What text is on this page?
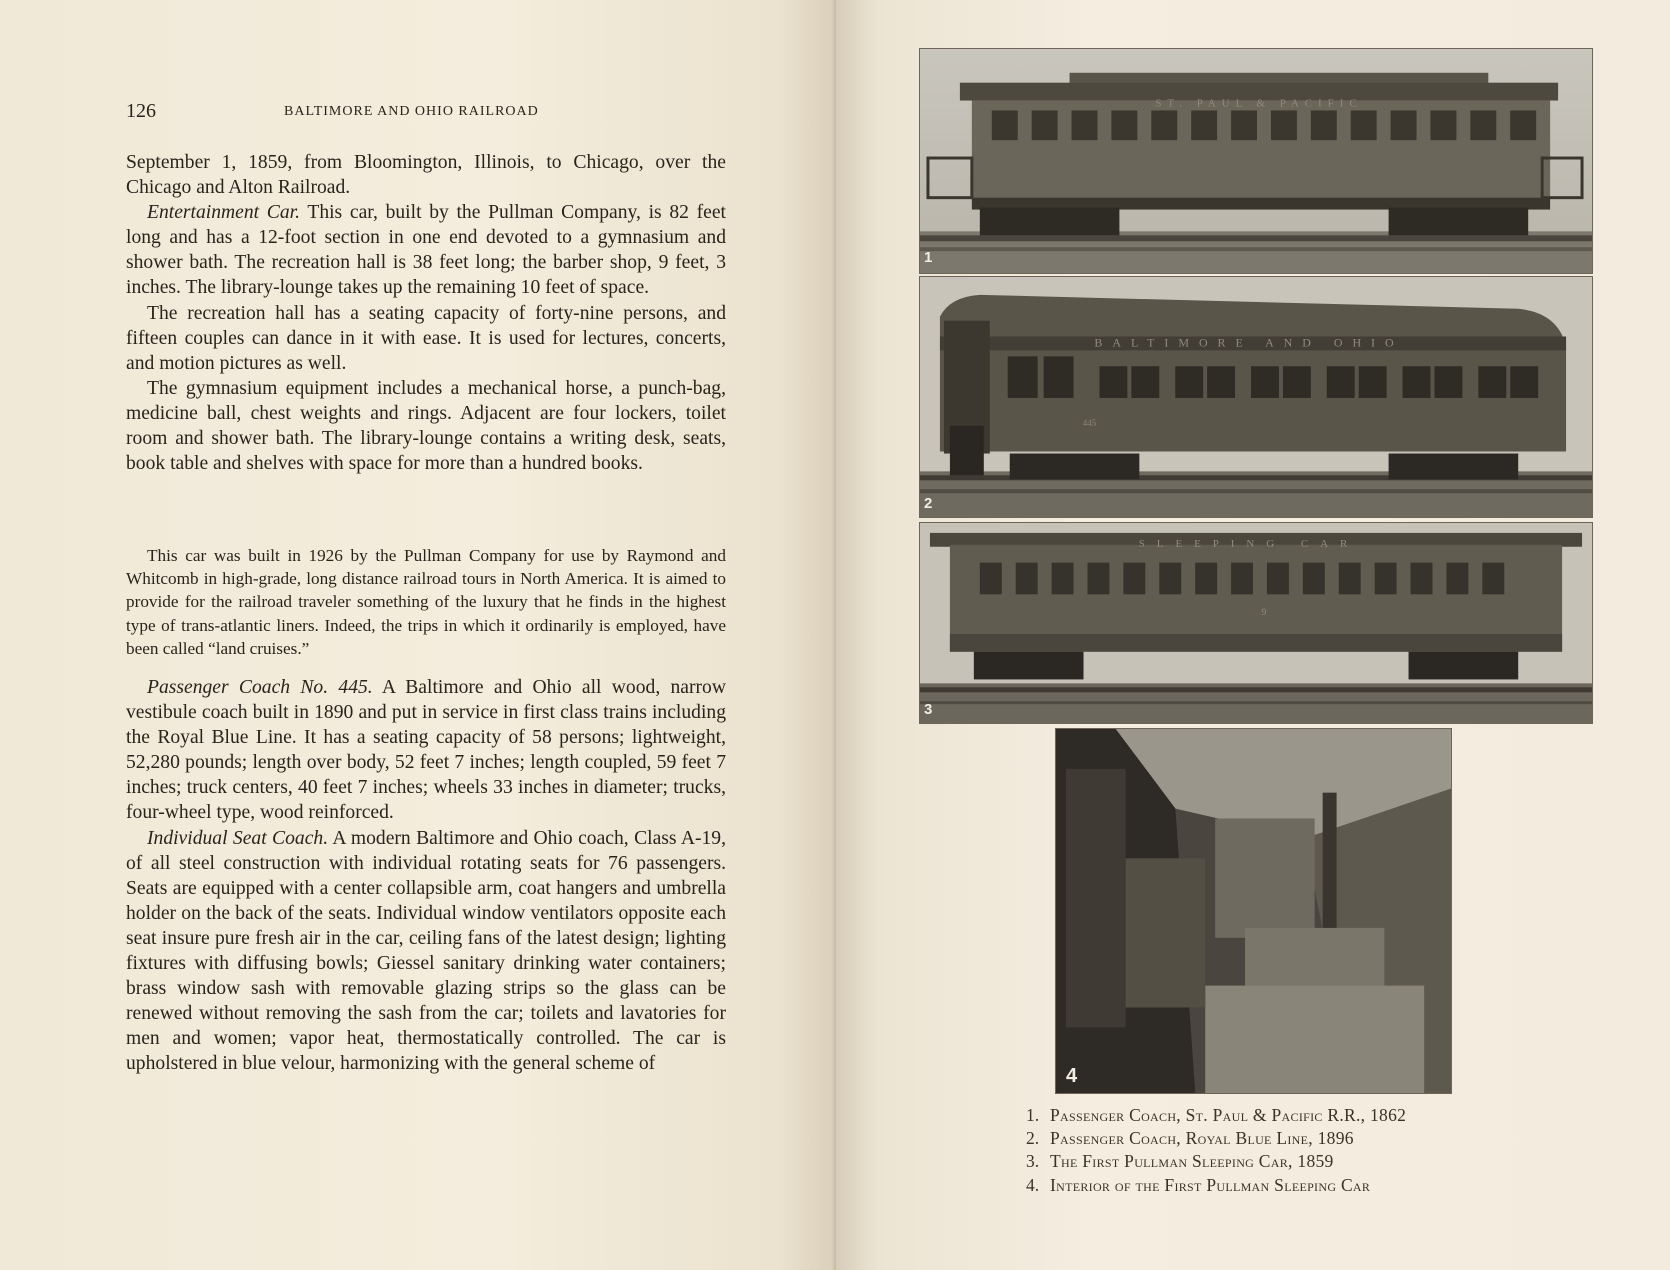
126	BALTIMORE AND OHIO RAILROAD

September 1, 1859, from Bloomington, Illinois, to Chicago, over the Chicago and Alton Railroad.

Entertainment Car. This car, built by the Pullman Company, is 82 feet long and has a 12-foot section in one end devoted to a gymnasium and shower bath. The recreation hall is 38 feet long; the barber shop, 9 feet, 3 inches. The library-lounge takes up the remaining 10 feet of space.

The recreation hall has a seating capacity of forty-nine persons, and fifteen couples can dance in it with ease. It is used for lectures, concerts, and motion pictures as well.

The gymnasium equipment includes a mechanical horse, a punch-bag, medicine ball, chest weights and rings. Adjacent are four lockers, toilet room and shower bath. The library-lounge contains a writing desk, seats, book table and shelves with space for more than a hundred books.

This car was built in 1926 by the Pullman Company for use by Raymond and Whitcomb in high-grade, long distance railroad tours in North America. It is aimed to provide for the railroad traveler something of the luxury that he finds in the highest type of trans-atlantic liners. Indeed, the trips in which it ordinarily is employed, have been called “land cruises.”

Passenger Coach No. 445. A Baltimore and Ohio all wood, narrow vestibule coach built in 1890 and put in service in first class trains including the Royal Blue Line. It has a seating capacity of 58 persons; lightweight, 52,280 pounds; length over body, 52 feet 7 inches; length coupled, 59 feet 7 inches; truck centers, 40 feet 7 inches; wheels 33 inches in diameter; trucks, four-wheel type, wood reinforced.

Individual Seat Coach. A modern Baltimore and Ohio coach, Class A-19, of all steel construction with individual rotating seats for 76 passengers. Seats are equipped with a center collapsible arm, coat hangers and umbrella holder on the back of the seats. Individual window ventilators opposite each seat insure pure fresh air in the car, ceiling fans of the latest design; lighting fixtures with diffusing bowls; Giessel sanitary drinking water containers; brass window sash with removable glazing strips so the glass can be renewed without removing the sash from the car; toilets and lavatories for men and women; vapor heat, thermostatically controlled. The car is upholstered in blue velour, harmonizing with the general scheme of

ST. PAUL & PACIFIC
1
BALTIMORE AND OHIO
445
2
SLEEPING CAR
9
3
4
1. Passenger Coach, St. Paul & Pacific R.R., 1862
2. Passenger Coach, Royal Blue Line, 1896
3. The First Pullman Sleeping Car, 1859
4. Interior of the First Pullman Sleeping Car
